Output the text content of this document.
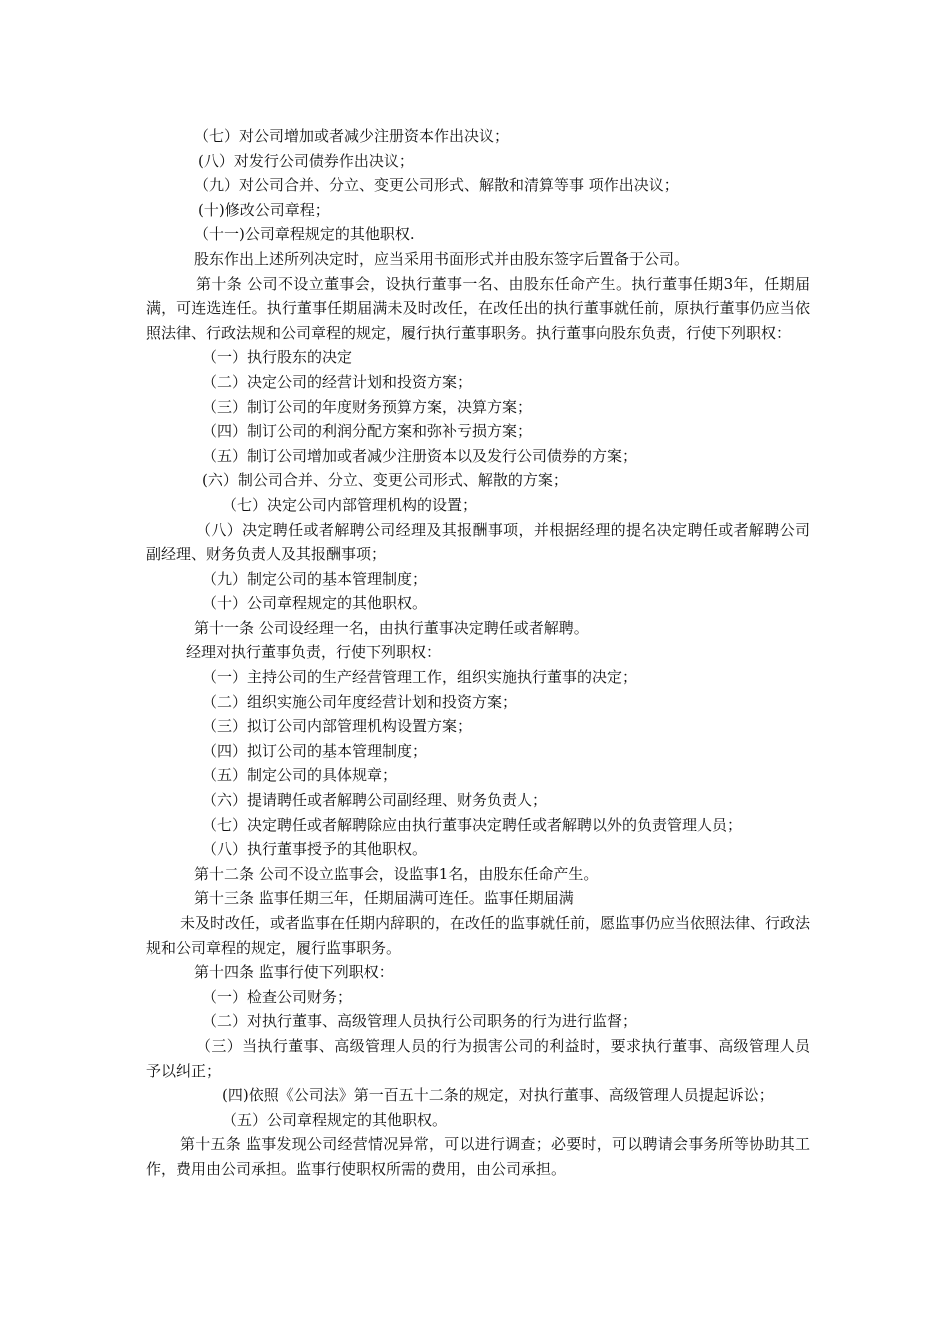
（七）对公司增加或者减少注册资本作出决议；

(八）对发行公司债券作出决议；

（九）对公司合并、分立、变更公司形式、解散和清算等事 项作出决议；

(十)修改公司章程；

（十一)公司章程规定的其他职权.

股东作出上述所列决定时，应当采用书面形式并由股东签字后置备于公司。

第十条 公司不设立董事会，设执行董事一名、由股东任命产生。执行董事任期3年，任期届满，可连选连任。执行董事任期届满未及时改任，在改任出的执行董事就任前，原执行董事仍应当依照法律、行政法规和公司章程的规定，履行执行董事职务。执行董事向股东负责，行使下列职权：

（一）执行股东的决定

（二）决定公司的经营计划和投资方案；

（三）制订公司的年度财务预算方案，决算方案；

（四）制订公司的利润分配方案和弥补亏损方案；

（五）制订公司增加或者减少注册资本以及发行公司债券的方案；

(六）制公司合并、分立、变更公司形式、解散的方案；

（七）决定公司内部管理机构的设置；

（八）决定聘任或者解聘公司经理及其报酬事项，并根据经理的提名决定聘任或者解聘公司副经理、财务负责人及其报酬事项；

（九）制定公司的基本管理制度；

（十）公司章程规定的其他职权。

第十一条 公司设经理一名，由执行董事决定聘任或者解聘。

经理对执行董事负责，行使下列职权：

（一）主持公司的生产经营管理工作，组织实施执行董事的决定；

（二）组织实施公司年度经营计划和投资方案；

（三）拟订公司内部管理机构设置方案；

（四）拟订公司的基本管理制度；

（五）制定公司的具体规章；

（六）提请聘任或者解聘公司副经理、财务负责人；

（七）决定聘任或者解聘除应由执行董事决定聘任或者解聘以外的负责管理人员；

（八）执行董事授予的其他职权。

第十二条 公司不设立监事会，设监事1名，由股东任命产生。

第十三条 监事任期三年，任期届满可连任。监事任期届满

未及时改任，或者监事在任期内辞职的，在改任的监事就任前，愿监事仍应当依照法律、行政法规和公司章程的规定，履行监事职务。

第十四条 监事行使下列职权：

（一）检查公司财务；

（二）对执行董事、高级管理人员执行公司职务的行为进行监督；

（三）当执行董事、高级管理人员的行为损害公司的利益时，要求执行董事、高级管理人员予以纠正；

(四)依照《公司法》第一百五十二条的规定，对执行董事、高级管理人员提起诉讼；

（五）公司章程规定的其他职权。

第十五条 监事发现公司经营情况异常，可以进行调查；必要时，可以聘请会事务所等协助其工作，费用由公司承担。监事行使职权所需的费用，由公司承担。
